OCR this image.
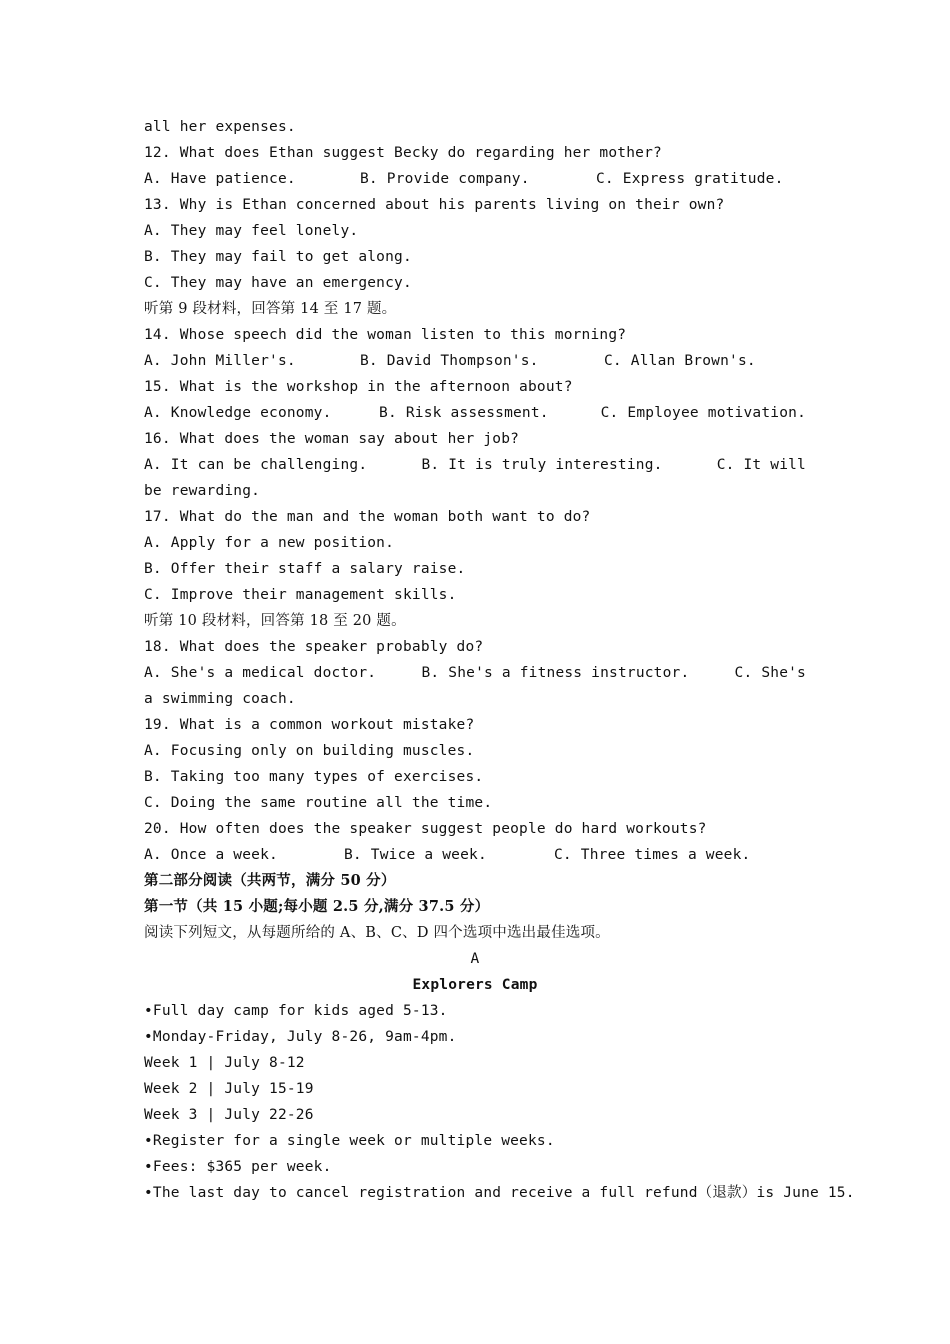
all her expenses.
12. What does Ethan suggest Becky do regarding her mother?
A. Have patience.	B. Provide company.	C. Express gratitude.
13. Why is Ethan concerned about his parents living on their own?
A. They may feel lonely.
B. They may fail to get along.
C. They may have an emergency.
听第 9 段材料，回答第 14 至 17 题。
14. Whose speech did the woman listen to this morning?
A. John Miller's.	B. David Thompson's.	C. Allan Brown's.
15. What is the workshop in the afternoon about?
A. Knowledge economy.	B. Risk assessment.	C. Employee motivation.
16. What does the woman say about her job?
A. It can be challenging.	B. It is truly interesting.	C. It will
be rewarding.
17. What do the man and the woman both want to do?
A. Apply for a new position.
B. Offer their staff a salary raise.
C. Improve their management skills.
听第 10 段材料，回答第 18 至 20 题。
18. What does the speaker probably do?
A. She's a medical doctor.	B. She's a fitness instructor.	C. She's
a swimming coach.
19. What is a common workout mistake?
A. Focusing only on building muscles.
B. Taking too many types of exercises.
C. Doing the same routine all the time.
20. How often does the speaker suggest people do hard workouts?
A. Once a week.	B. Twice a week.	C. Three times a week.
第二部分阅读（共两节，满分 50 分）
第一节（共 15 小题;每小题 2.5 分,满分 37.5 分）
阅读下列短文，从每题所给的 A、B、C、D 四个选项中选出最佳选项。
A
Explorers Camp
•Full day camp for kids aged 5-13.
•Monday-Friday, July 8-26, 9am-4pm.
Week 1 | July 8-12
Week 2 | July 15-19
Week 3 | July 22-26
•Register for a single week or multiple weeks.
•Fees: $365 per week.
•The last day to cancel registration and receive a full refund（退款）is June 15.
